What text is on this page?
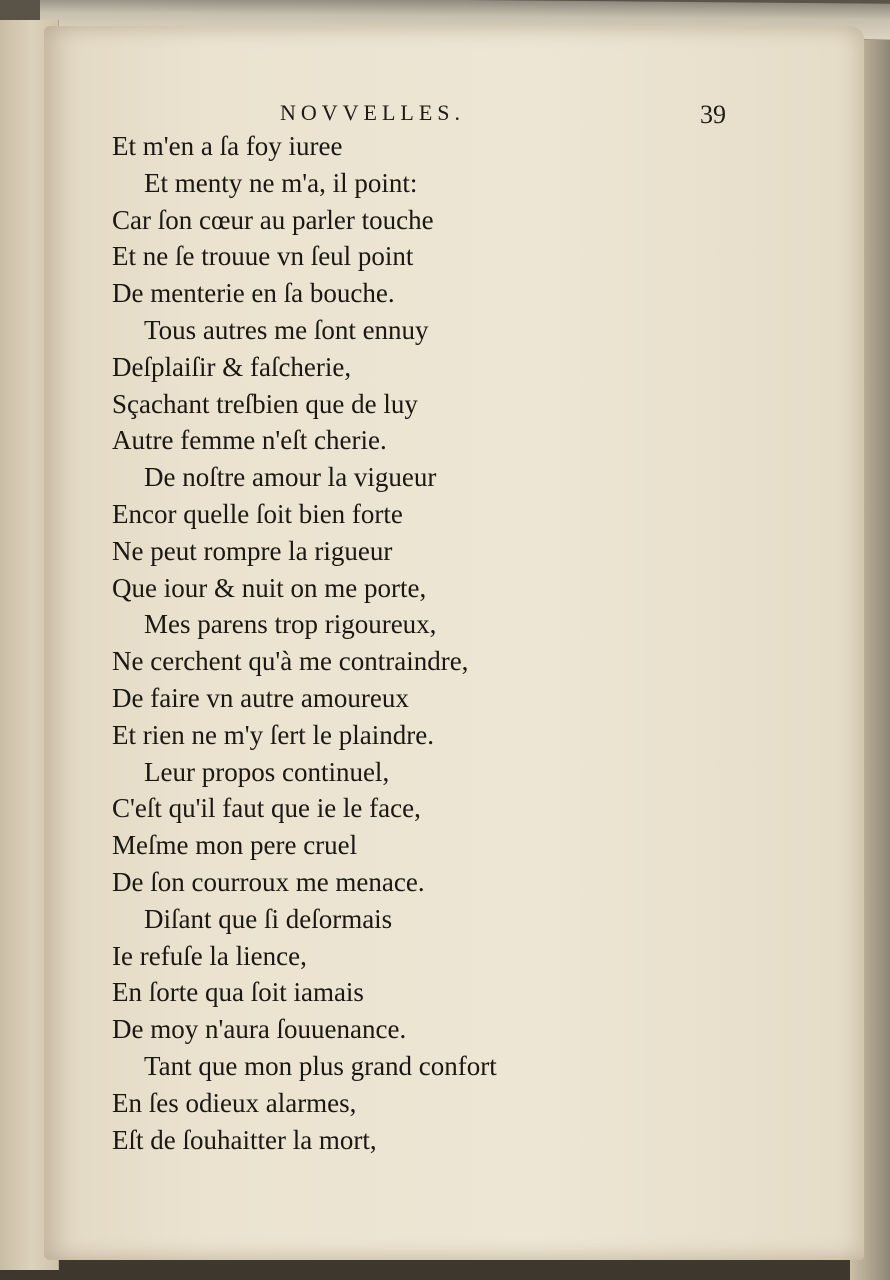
NOVVELLES.	39
Et m'en a ſa foy iuree
Et menty ne m'a, il point:
Car ſon cœur au parler touche
Et ne ſe trouue vn ſeul point
De menterie en ſa bouche.
Tous autres me ſont ennuy
Deſplaiſir & faſcherie,
Sçachant treſbien que de luy
Autre femme n'eſt cherie.
De noſtre amour la vigueur
Encor quelle ſoit bien forte
Ne peut rompre la rigueur
Que iour & nuit on me porte,
Mes parens trop rigoureux,
Ne cerchent qu'à me contraindre,
De faire vn autre amoureux
Et rien ne m'y ſert le plaindre.
Leur propos continuel,
C'eſt qu'il faut que ie le face,
Meſme mon pere cruel
De ſon courroux me menace.
Diſant que ſi deſormais
Ie refuſe la lience,
En ſorte qua ſoit iamais
De moy n'aura ſouuenance.
Tant que mon plus grand confort
En ſes odieux alarmes,
Eſt de ſouhaitter la mort,
